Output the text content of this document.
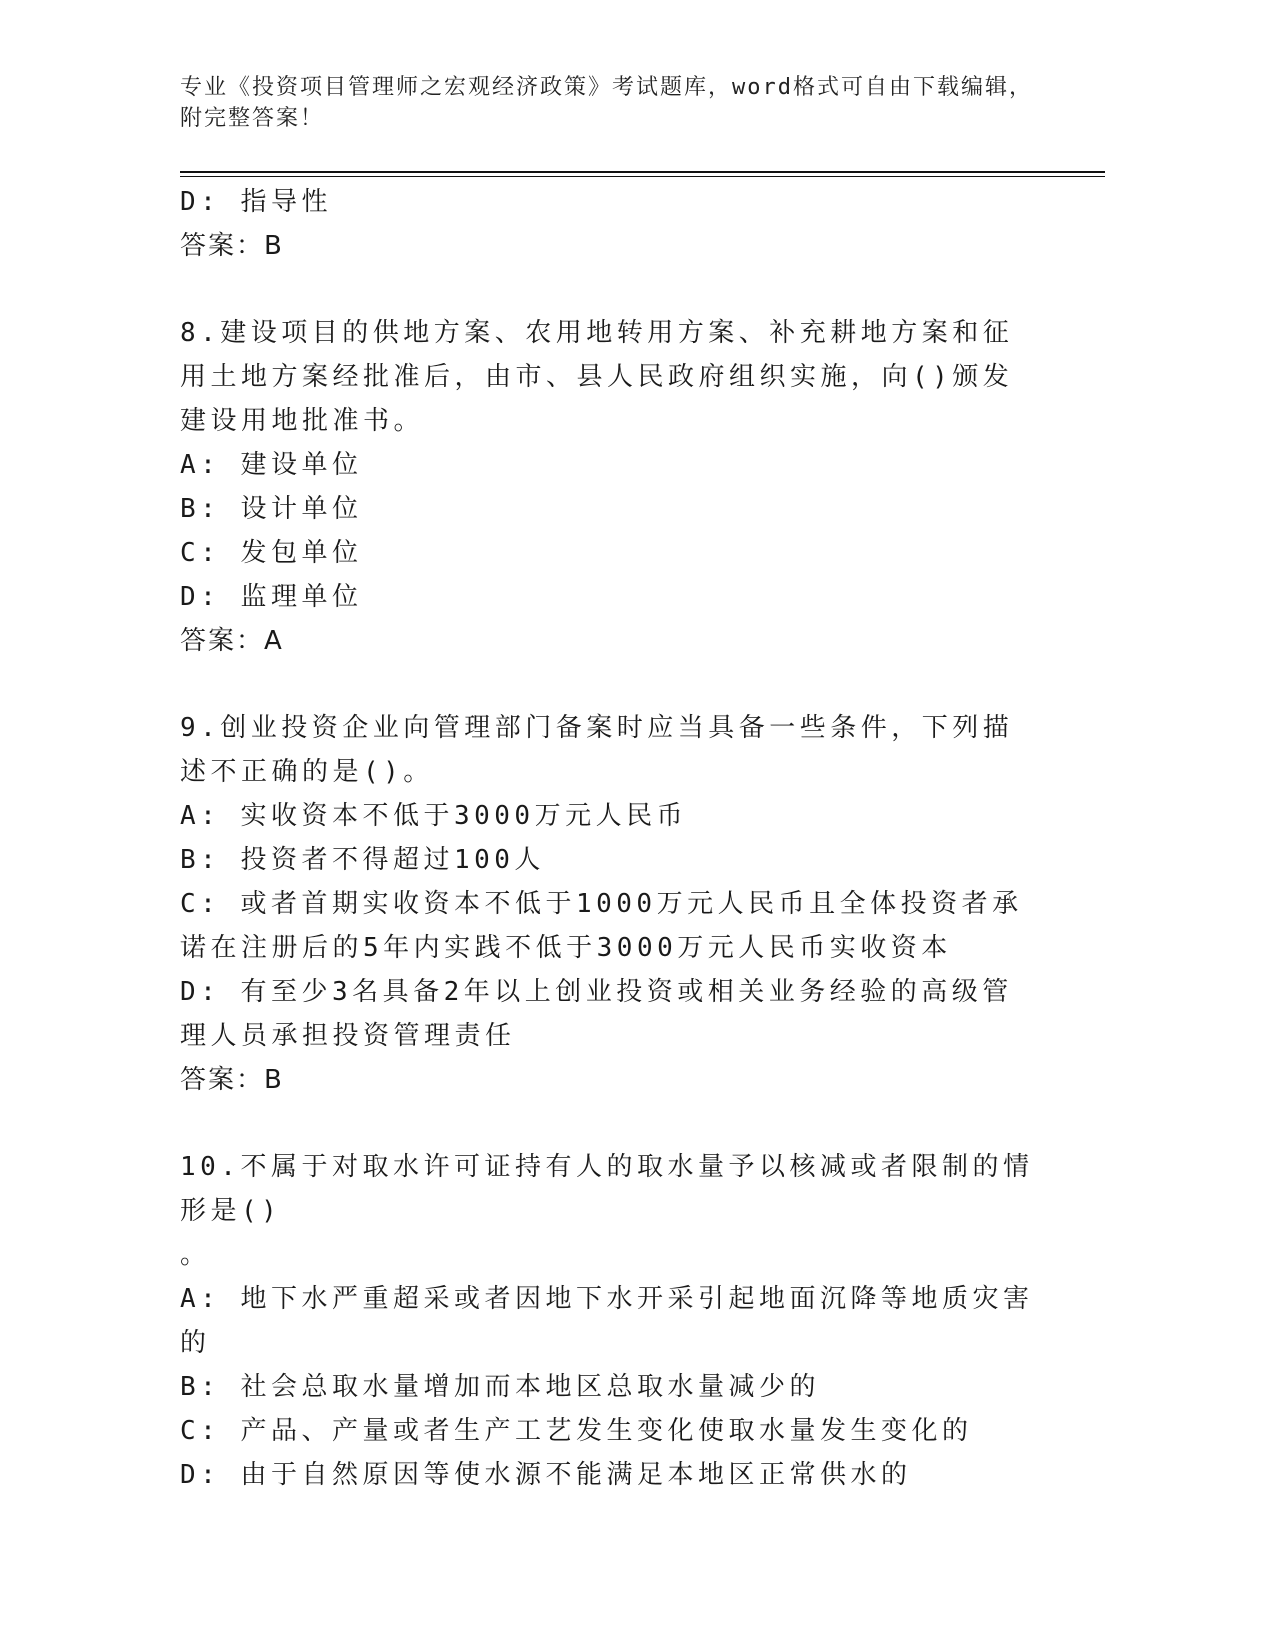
专业《投资项目管理师之宏观经济政策》考试题库，word格式可自由下载编辑，附完整答案！
D: 指导性
答案：B
8.建设项目的供地方案、农用地转用方案、补充耕地方案和征用土地方案经批准后，由市、县人民政府组织实施，向()颁发建设用地批准书。
A: 建设单位
B: 设计单位
C: 发包单位
D: 监理单位
答案：A
9.创业投资企业向管理部门备案时应当具备一些条件，下列描述不正确的是()。
A: 实收资本不低于3000万元人民币
B: 投资者不得超过100人
C: 或者首期实收资本不低于1000万元人民币且全体投资者承诺在注册后的5年内实践不低于3000万元人民币实收资本
D: 有至少3名具备2年以上创业投资或相关业务经验的高级管理人员承担投资管理责任
答案：B
10.不属于对取水许可证持有人的取水量予以核减或者限制的情形是()
。
A: 地下水严重超采或者因地下水开采引起地面沉降等地质灾害的
B: 社会总取水量增加而本地区总取水量减少的
C: 产品、产量或者生产工艺发生变化使取水量发生变化的
D: 由于自然原因等使水源不能满足本地区正常供水的
